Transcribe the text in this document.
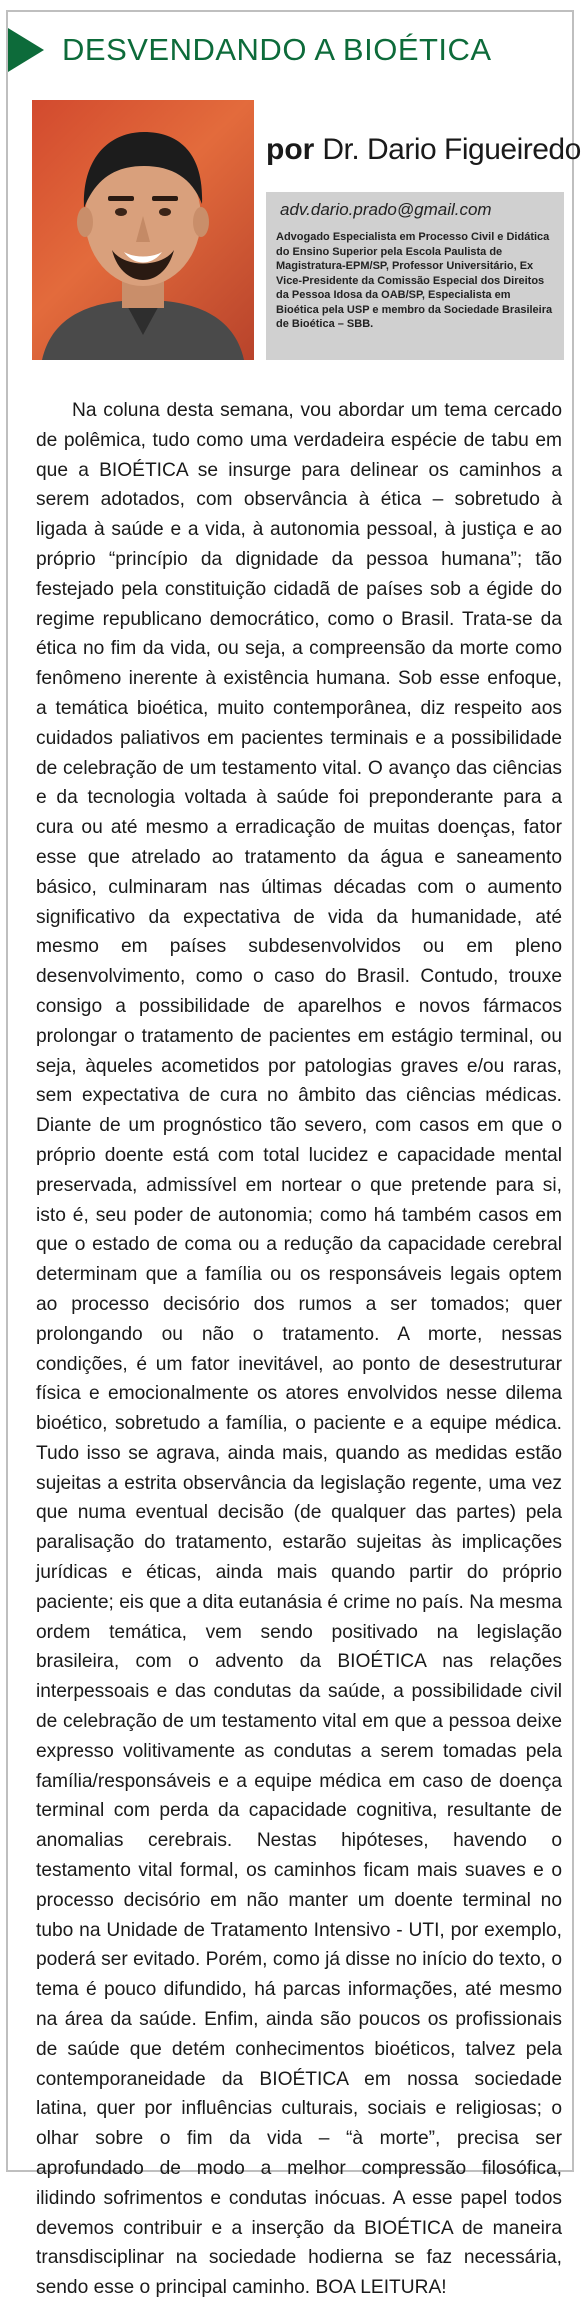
DESVENDANDO A BIOÉTICA
por Dr. Dario Figueiredo

adv.dario.prado@gmail.com

Advogado Especialista em Processo Civil e Didática do Ensino Superior pela Escola Paulista de Magistratura-EPM/SP, Professor Universitário, Ex Vice-Presidente da Comissão Especial dos Direitos da Pessoa Idosa da OAB/SP, Especialista em Bioética pela USP e membro da Sociedade Brasileira de Bioética – SBB.

Na coluna desta semana, vou abordar um tema cercado de polêmica, tudo como uma verdadeira espécie de tabu em que a BIOÉTICA se insurge para delinear os caminhos a serem adotados, com observância à ética – sobretudo à ligada à saúde e a vida, à autonomia pessoal, à justiça e ao próprio “princípio da dignidade da pessoa humana”; tão festejado pela constituição cidadã de países sob a égide do regime republicano democrático, como o Brasil. Trata-se da ética no fim da vida, ou seja, a compreensão da morte como fenômeno inerente à existência humana. Sob esse enfoque, a temática bioética, muito contemporânea, diz respeito aos cuidados paliativos em pacientes terminais e a possibilidade de celebração de um testamento vital. O avanço das ciências e da tecnologia voltada à saúde foi preponderante para a cura ou até mesmo a erradicação de muitas doenças, fator esse que atrelado ao tratamento da água e saneamento básico, culminaram nas últimas décadas com o aumento significativo da expectativa de vida da humanidade, até mesmo em países subdesenvolvidos ou em pleno desenvolvimento, como o caso do Brasil. Contudo, trouxe consigo a possibilidade de aparelhos e novos fármacos prolongar o tratamento de pacientes em estágio terminal, ou seja, àqueles acometidos por patologias graves e/ou raras, sem expectativa de cura no âmbito das ciências médicas. Diante de um prognóstico tão severo, com casos em que o próprio doente está com total lucidez e capacidade mental preservada, admissível em nortear o que pretende para si, isto é, seu poder de autonomia; como há também casos em que o estado de coma ou a redução da capacidade cerebral determinam que a família ou os responsáveis legais optem ao processo decisório dos rumos a ser tomados; quer prolongando ou não o tratamento. A morte, nessas condições, é um fator inevitável, ao ponto de desestruturar física e emocionalmente os atores envolvidos nesse dilema bioético, sobretudo a família, o paciente e a equipe médica. Tudo isso se agrava, ainda mais, quando as medidas estão sujeitas a estrita observância da legislação regente, uma vez que numa eventual decisão (de qualquer das partes) pela paralisação do tratamento, estarão sujeitas às implicações jurídicas e éticas, ainda mais quando partir do próprio paciente; eis que a dita eutanásia é crime no país. Na mesma ordem temática, vem sendo positivado na legislação brasileira, com o advento da BIOÉTICA nas relações interpessoais e das condutas da saúde, a possibilidade civil de celebração de um testamento vital em que a pessoa deixe expresso volitivamente as condutas a serem tomadas pela família/responsáveis e a equipe médica em caso de doença terminal com perda da capacidade cognitiva, resultante de anomalias cerebrais. Nestas hipóteses, havendo o testamento vital formal, os caminhos ficam mais suaves e o processo decisório em não manter um doente terminal no tubo na Unidade de Tratamento Intensivo - UTI, por exemplo, poderá ser evitado. Porém, como já disse no início do texto, o tema é pouco difundido, há parcas informações, até mesmo na área da saúde. Enfim, ainda são poucos os profissionais de saúde que detém conhecimentos bioéticos, talvez pela contemporaneidade da BIOÉTICA em nossa sociedade latina, quer por influências culturais, sociais e religiosas; o olhar sobre o fim da vida – “à morte”, precisa ser aprofundado de modo a melhor compressão filosófica, ilidindo sofrimentos e condutas inócuas. A esse papel todos devemos contribuir e a inserção da BIOÉTICA de maneira transdisciplinar na sociedade hodierna se faz necessária, sendo esse o principal caminho. BOA LEITURA!
